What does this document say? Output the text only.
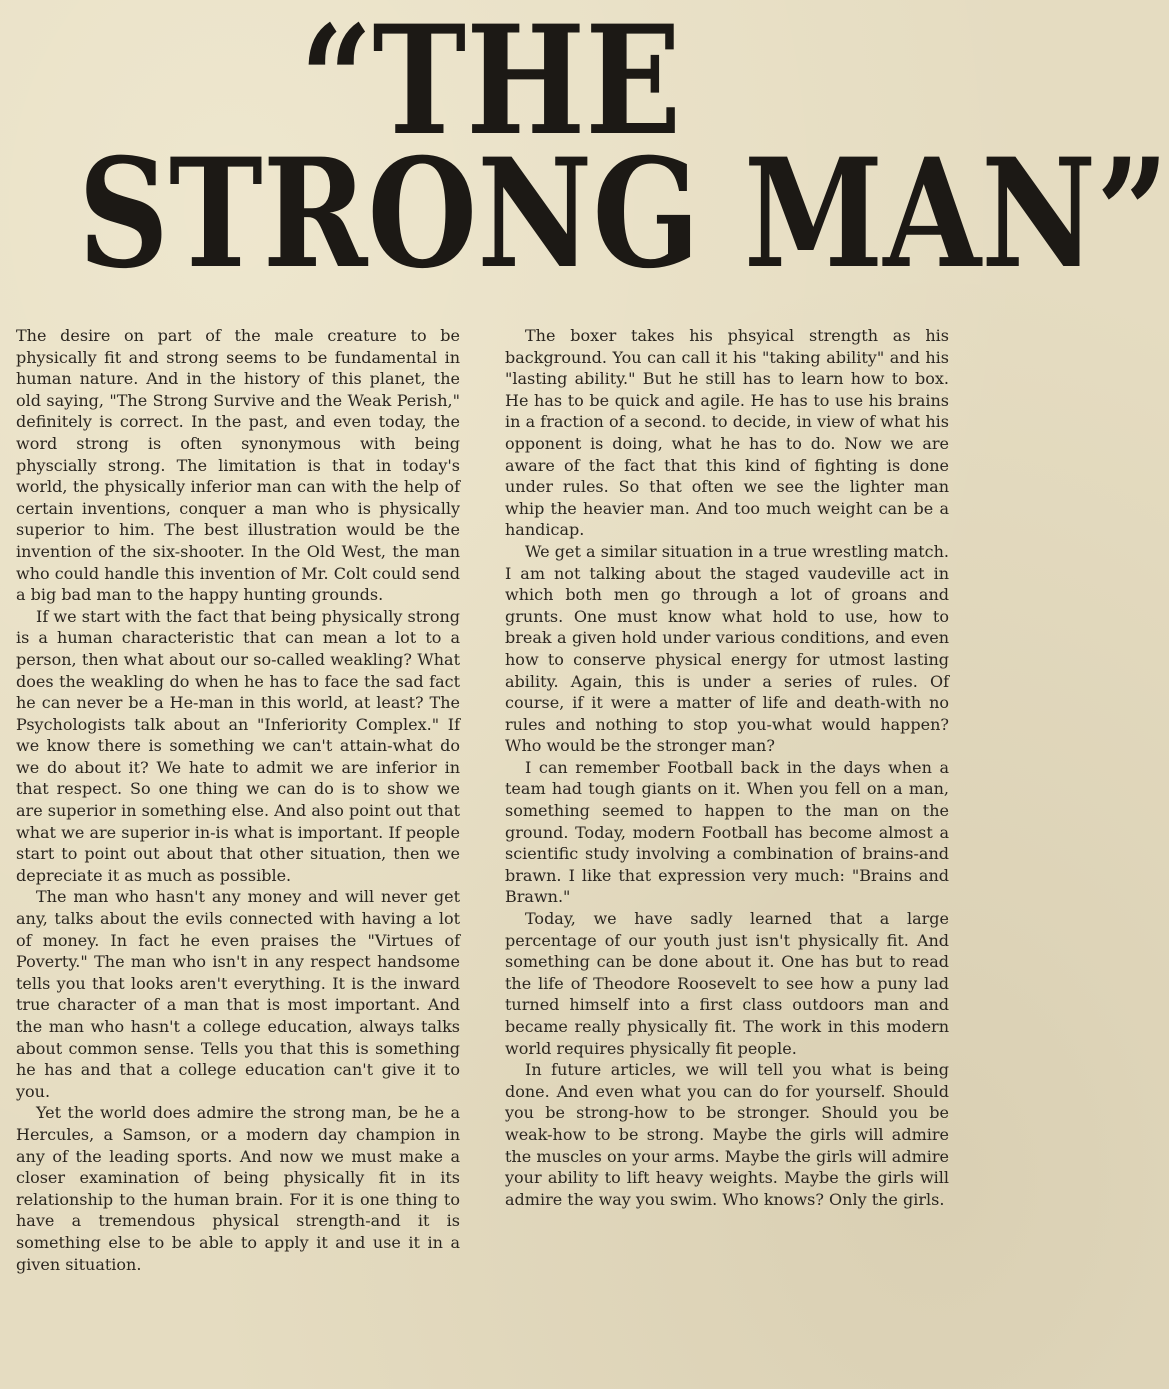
“THE
STRONG MAN”

The desire on part of the male creature to be physically fit and strong seems to be fundamental in human nature. And in the history of this planet, the old saying, "The Strong Survive and the Weak Perish," definitely is correct. In the past, and even today, the word strong is often synonymous with being physcially strong. The limitation is that in today's world, the physically inferior man can with the help of certain inventions, conquer a man who is physically superior to him. The best illustration would be the invention of the six-shooter. In the Old West, the man who could handle this invention of Mr. Colt could send a big bad man to the happy hunting grounds.

If we start with the fact that being physically strong is a human characteristic that can mean a lot to a person, then what about our so-called weakling? What does the weakling do when he has to face the sad fact he can never be a He-man in this world, at least? The Psychologists talk about an "Inferiority Complex." If we know there is something we can't attain-what do we do about it? We hate to admit we are inferior in that respect. So one thing we can do is to show we are superior in something else. And also point out that what we are superior in-is what is important. If people start to point out about that other situation, then we depreciate it as much as possible.

The man who hasn't any money and will never get any, talks about the evils connected with having a lot of money. In fact he even praises the "Virtues of Poverty." The man who isn't in any respect handsome tells you that looks aren't everything. It is the inward true character of a man that is most important. And the man who hasn't a college education, always talks about common sense. Tells you that this is something he has and that a college education can't give it to you.

Yet the world does admire the strong man, be he a Hercules, a Samson, or a modern day champion in any of the leading sports. And now we must make a closer examination of being physically fit in its relationship to the human brain. For it is one thing to have a tremendous physical strength-and it is something else to be able to apply it and use it in a given situation.

The boxer takes his phsyical strength as his background. You can call it his "taking ability" and his "lasting ability." But he still has to learn how to box. He has to be quick and agile. He has to use his brains in a fraction of a second. to decide, in view of what his opponent is doing, what he has to do. Now we are aware of the fact that this kind of fighting is done under rules. So that often we see the lighter man whip the heavier man. And too much weight can be a handicap.

We get a similar situation in a true wrestling match. I am not talking about the staged vaudeville act in which both men go through a lot of groans and grunts. One must know what hold to use, how to break a given hold under various conditions, and even how to conserve physical energy for utmost lasting ability. Again, this is under a series of rules. Of course, if it were a matter of life and death-with no rules and nothing to stop you-what would happen? Who would be the stronger man?

I can remember Football back in the days when a team had tough giants on it. When you fell on a man, something seemed to happen to the man on the ground. Today, modern Football has become almost a scientific study involving a combination of brains-and brawn. I like that expression very much: "Brains and Brawn."

Today, we have sadly learned that a large percentage of our youth just isn't physically fit. And something can be done about it. One has but to read the life of Theodore Roosevelt to see how a puny lad turned himself into a first class outdoors man and became really physically fit. The work in this modern world requires physically fit people.

In future articles, we will tell you what is being done. And even what you can do for yourself. Should you be strong-how to be stronger. Should you be weak-how to be strong. Maybe the girls will admire the muscles on your arms. Maybe the girls will admire your ability to lift heavy weights. Maybe the girls will admire the way you swim. Who knows? Only the girls.
